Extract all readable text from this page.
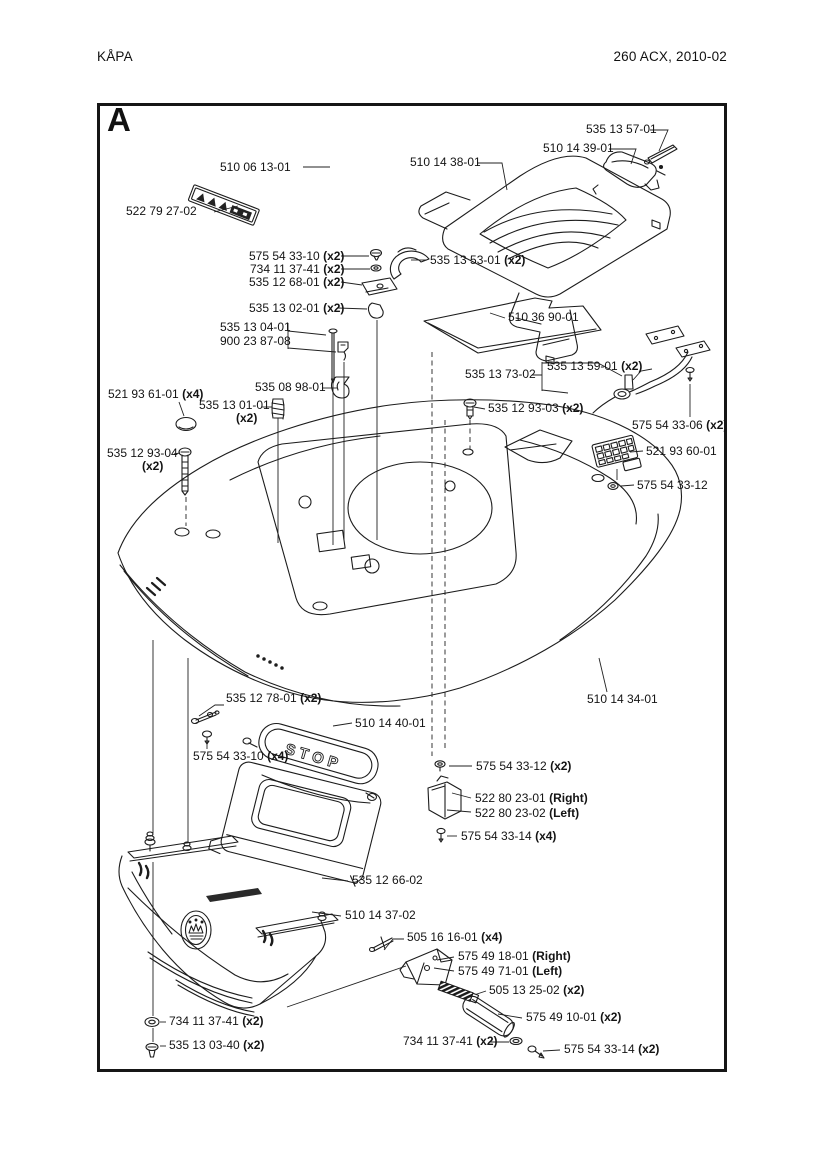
KÅPA	260 ACX, 2010-02
A
STOP
510 06 13-01
522 79 27-02
510 14 38-01
535 13 57-01
510 14 39-01
575 54 33-10 (x2)
734 11 37-41 (x2)
535 12 68-01 (x2)
535 13 53-01 (x2)
535 13 02-01 (x2)
535 13 04-01
900 23 87-08
510 36 90-01
535 08 98-01
535 13 73-02
535 13 59-01 (x2)
521 93 61-01 (x4)
535 13 01-01
(x2)
535 12 93-04
(x2)
535 12 93-03 (x2)
575 54 33-06 (x2)
521 93 60-01
575 54 33-12
510 14 34-01
535 12 78-01 (x2)
510 14 40-01
575 54 33-10 (x4)
575 54 33-12 (x2)
522 80 23-01 (Right)
522 80 23-02 (Left)
575 54 33-14 (x4)
535 12 66-02
510 14 37-02
505 16 16-01 (x4)
575 49 18-01 (Right)
575 49 71-01 (Left)
505 13 25-02 (x2)
575 49 10-01 (x2)
734 11 37-41 (x2)
575 54 33-14 (x2)
734 11 37-41 (x2)
535 13 03-40 (x2)
